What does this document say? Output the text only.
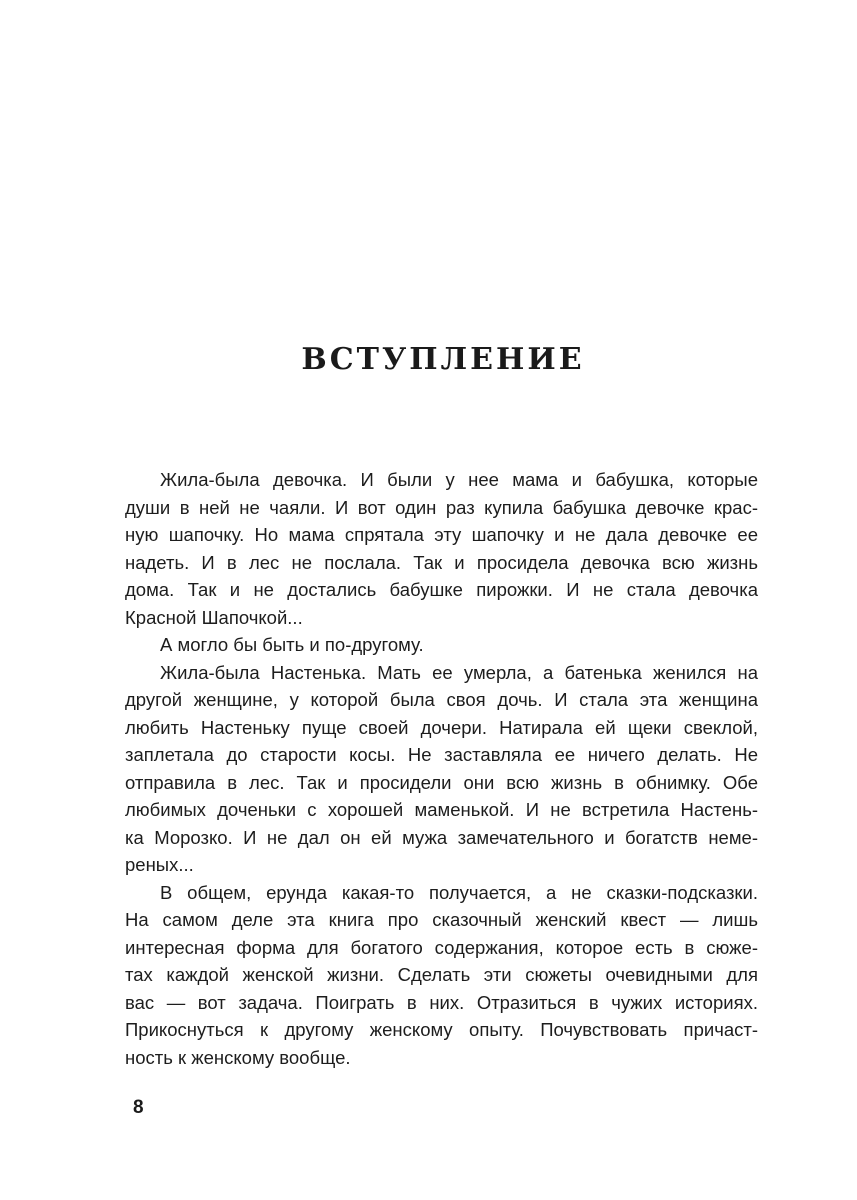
ВСТУПЛЕНИЕ
Жила-была девочка. И были у нее мама и бабушка, которые
души в ней не чаяли. И вот один раз купила бабушка девочке крас-
ную шапочку. Но мама спрятала эту шапочку и не дала девочке ее
надеть. И в лес не послала. Так и просидела девочка всю жизнь
дома. Так и не достались бабушке пирожки. И не стала девочка
Красной Шапочкой...
А могло бы быть и по-другому.
Жила-была Настенька. Мать ее умерла, а батенька женился на
другой женщине, у которой была своя дочь. И стала эта женщина
любить Настеньку пуще своей дочери. Натирала ей щеки свеклой,
заплетала до старости косы. Не заставляла ее ничего делать. Не
отправила в лес. Так и просидели они всю жизнь в обнимку. Обе
любимых доченьки с хорошей маменькой. И не встретила Настень-
ка Морозко. И не дал он ей мужа замечательного и богатств неме-
реных...
В общем, ерунда какая-то получается, а не сказки-подсказки.
На самом деле эта книга про сказочный женский квест — лишь
интересная форма для богатого содержания, которое есть в сюже-
тах каждой женской жизни. Сделать эти сюжеты очевидными для
вас — вот задача. Поиграть в них. Отразиться в чужих историях.
Прикоснуться к другому женскому опыту. Почувствовать причаст-
ность к женскому вообще.
8
